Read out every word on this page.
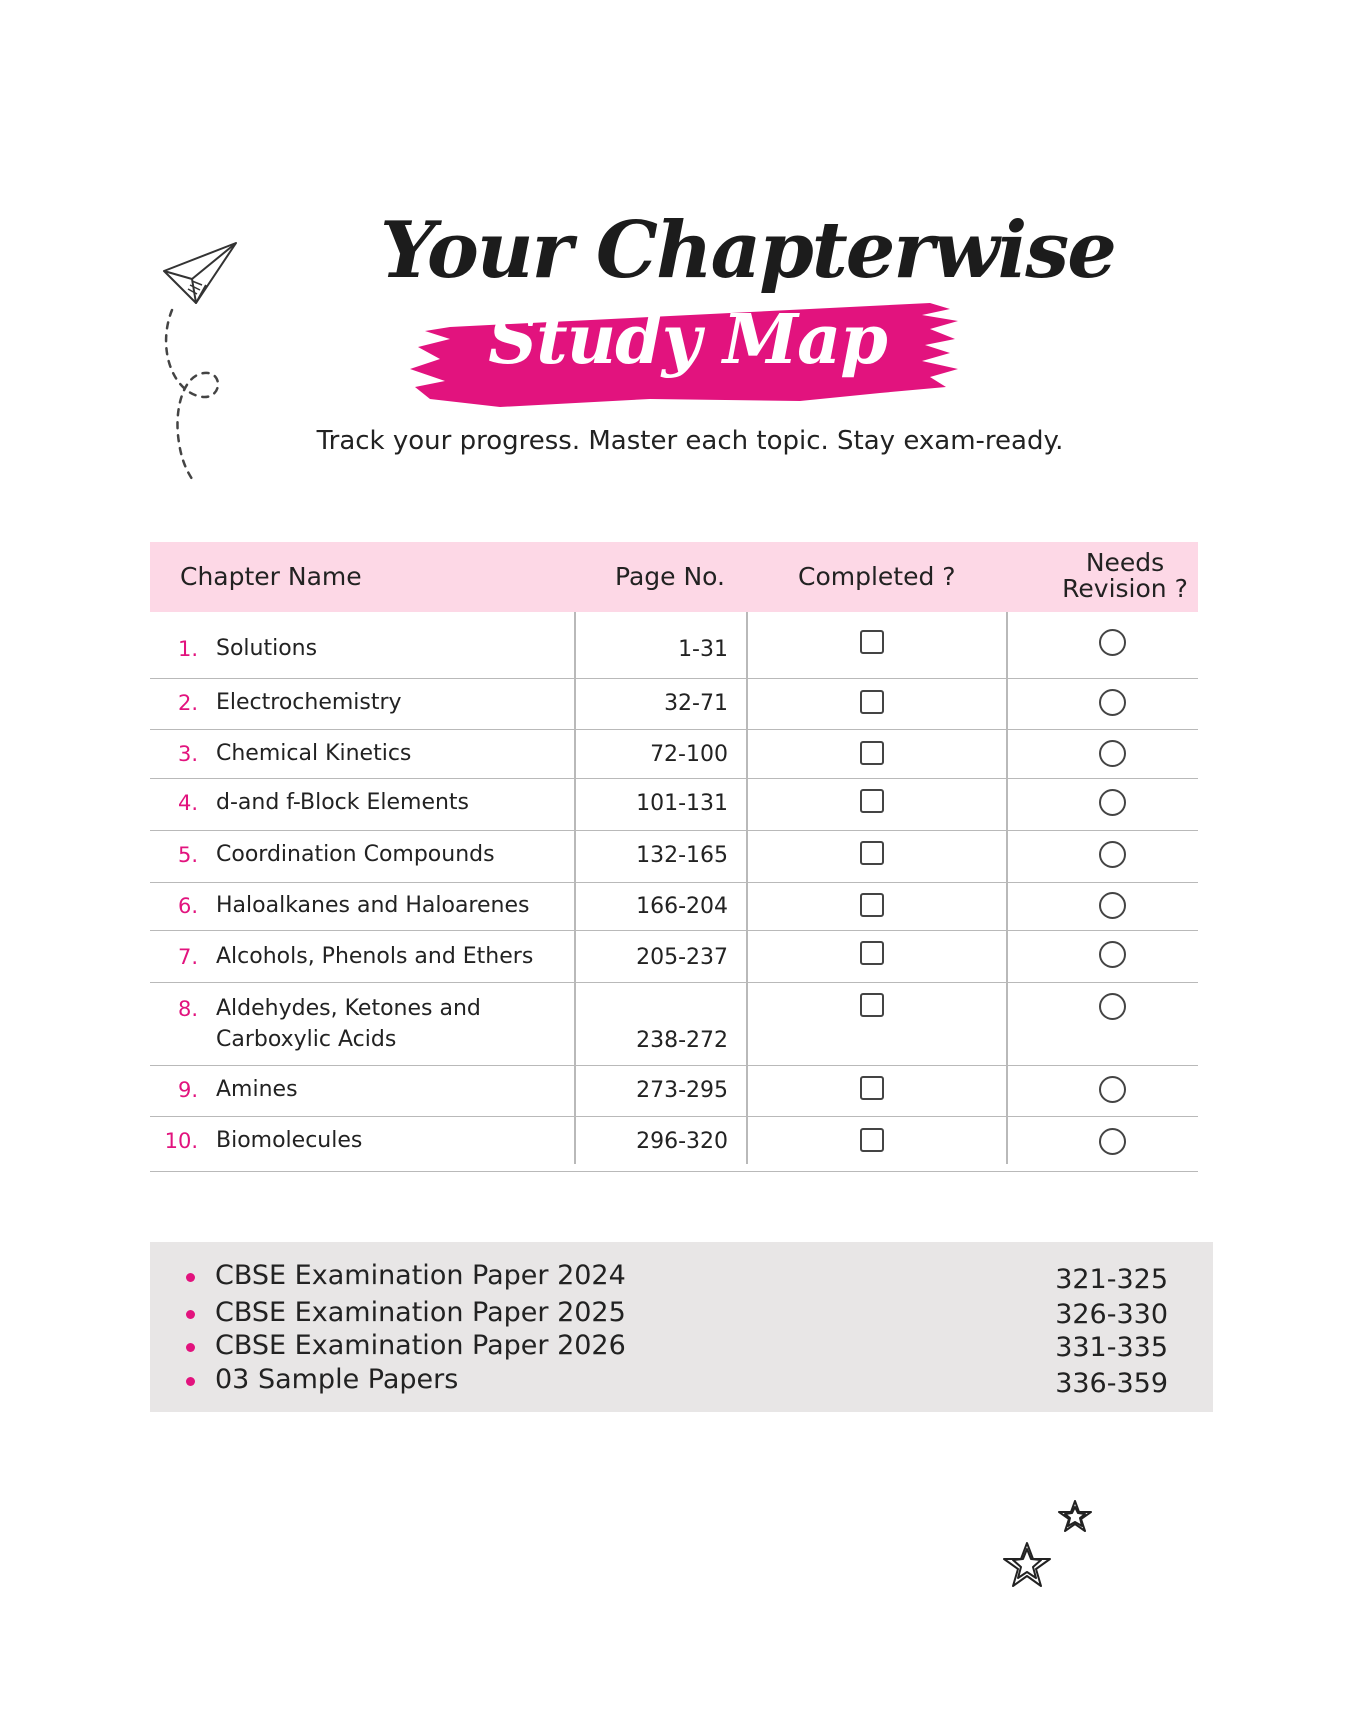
Your Chapterwise
Study Map
Track your progress. Master each topic. Stay exam-ready.
Chapter Name	Page No.	Completed ?	Needs
Revision ?
1. Solutions	1-31
2. Electrochemistry	32-71
3. Chemical Kinetics	72-100
4. d-and f-Block Elements	101-131
5. Coordination Compounds	132-165
6. Haloalkanes and Haloarenes	166-204
7. Alcohols, Phenols and Ethers	205-237
8. Aldehydes, Ketones and
Carboxylic Acids	238-272
9. Amines	273-295
10. Biomolecules	296-320
CBSE Examination Paper 2024	321-325
CBSE Examination Paper 2025	326-330
CBSE Examination Paper 2026	331-335
03 Sample Papers	336-359
